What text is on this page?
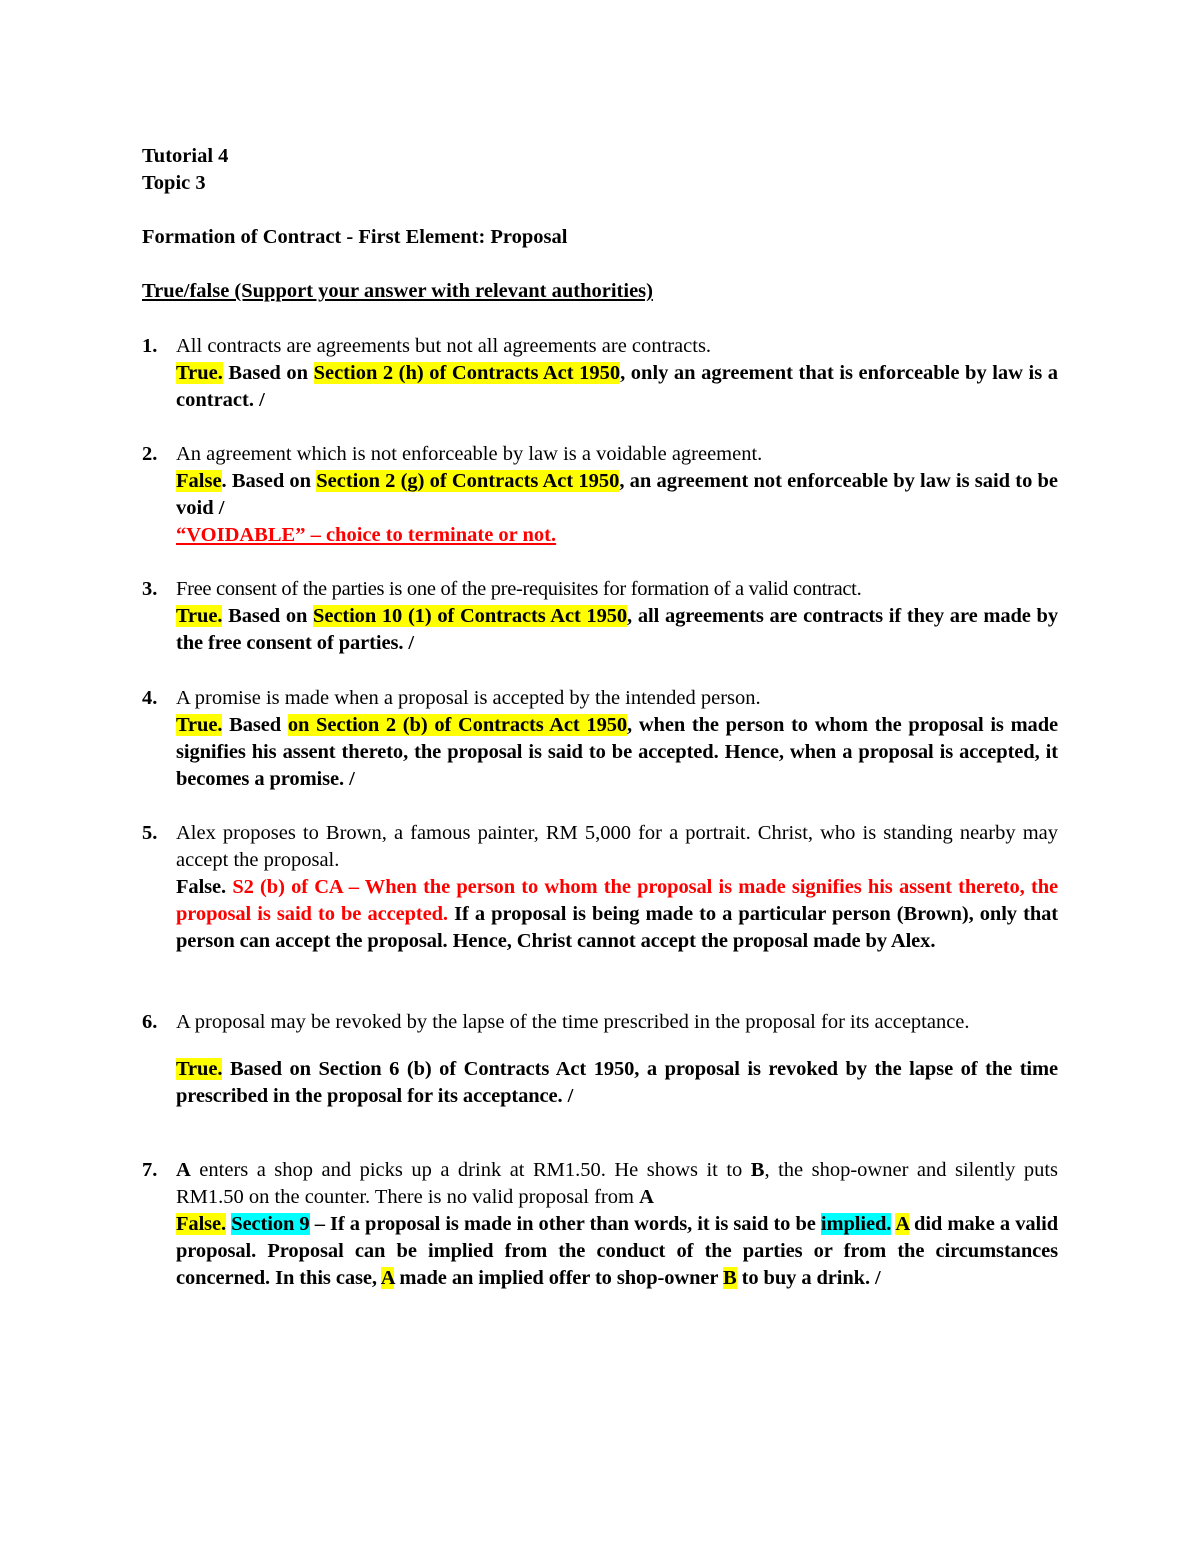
Tutorial 4
Topic 3
Formation of Contract - First Element: Proposal
True/false (Support your answer with relevant authorities)
1. All contracts are agreements but not all agreements are contracts.
True. Based on Section 2 (h) of Contracts Act 1950, only an agreement that is enforceable by law is a contract. /
2. An agreement which is not enforceable by law is a voidable agreement.
False. Based on Section 2 (g) of Contracts Act 1950, an agreement not enforceable by law is said to be void /
“VOIDABLE” – choice to terminate or not.
3. Free consent of the parties is one of the pre-requisites for formation of a valid contract.
True. Based on Section 10 (1) of Contracts Act 1950, all agreements are contracts if they are made by the free consent of parties. /
4. A promise is made when a proposal is accepted by the intended person.
True. Based on Section 2 (b) of Contracts Act 1950, when the person to whom the proposal is made signifies his assent thereto, the proposal is said to be accepted. Hence, when a proposal is accepted, it becomes a promise. /
5. Alex proposes to Brown, a famous painter, RM 5,000 for a portrait. Christ, who is standing nearby may accept the proposal.
False. S2 (b) of CA – When the person to whom the proposal is made signifies his assent thereto, the proposal is said to be accepted. If a proposal is being made to a particular person (Brown), only that person can accept the proposal. Hence, Christ cannot accept the proposal made by Alex.
6. A proposal may be revoked by the lapse of the time prescribed in the proposal for its acceptance.
True. Based on Section 6 (b) of Contracts Act 1950, a proposal is revoked by the lapse of the time prescribed in the proposal for its acceptance. /
7. A enters a shop and picks up a drink at RM1.50. He shows it to B, the shop-owner and silently puts RM1.50 on the counter. There is no valid proposal from A
False. Section 9 – If a proposal is made in other than words, it is said to be implied. A did make a valid proposal. Proposal can be implied from the conduct of the parties or from the circumstances concerned. In this case, A made an implied offer to shop-owner B to buy a drink. /
